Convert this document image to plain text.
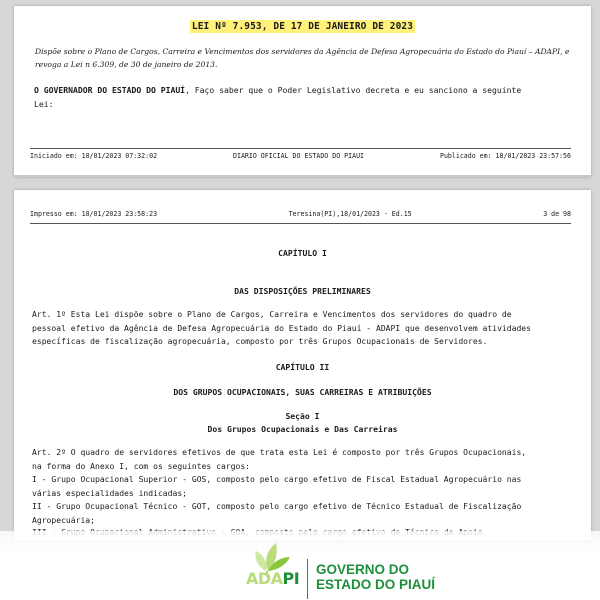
LEI Nº 7.953, DE 17 DE JANEIRO DE 2023
Dispõe sobre o Plano de Cargos, Carreira e Vencimentos dos servidores da Agência de Defesa Agropecuária do Estado do Piauí – ADAPI, e
revoga a Lei n 6.309, de 30 de janeiro de 2013.
O GOVERNADOR DO ESTADO DO PIAUÍ, Faço saber que o Poder Legislativo decreta e eu sanciono a seguinte
Lei:
Iniciado em: 18/01/2023 07:32:02	DIARIO OFICIAL DO ESTADO DO PIAUI	Publicado em: 18/01/2023 23:57:56
Impresso em: 18/01/2023 23:58:23	Teresina(PI),18/01/2023 - Ed.15	3 de 98
CAPÍTULO I
DAS DISPOSIÇÕES PRELIMINARES
Art. 1º Esta Lei dispõe sobre o Plano de Cargos, Carreira e Vencimentos dos servidores do quadro de
pessoal efetivo da Agência de Defesa Agropecuária do Estado do Piauí - ADAPI que desenvolvem atividades
específicas de fiscalização agropecuária, composto por três Grupos Ocupacionais de Servidores.
CAPÍTULO II
DOS GRUPOS OCUPACIONAIS, SUAS CARREIRAS E ATRIBUIÇÕES
Seção I
Dos Grupos Ocupacionais e Das Carreiras
Art. 2º O quadro de servidores efetivos de que trata esta Lei é composto por três Grupos Ocupacionais,
na forma do Anexo I, com os seguintes cargos:
I - Grupo Ocupacional Superior - GOS, composto pelo cargo efetivo de Fiscal Estadual Agropecuário nas
várias especialidades indicadas;
II - Grupo Ocupacional Técnico - GOT, composto pelo cargo efetivo de Técnico Estadual de Fiscalização
Agropecuária;
ADAPI GOVERNO DO
ESTADO DO PIAUÍ
